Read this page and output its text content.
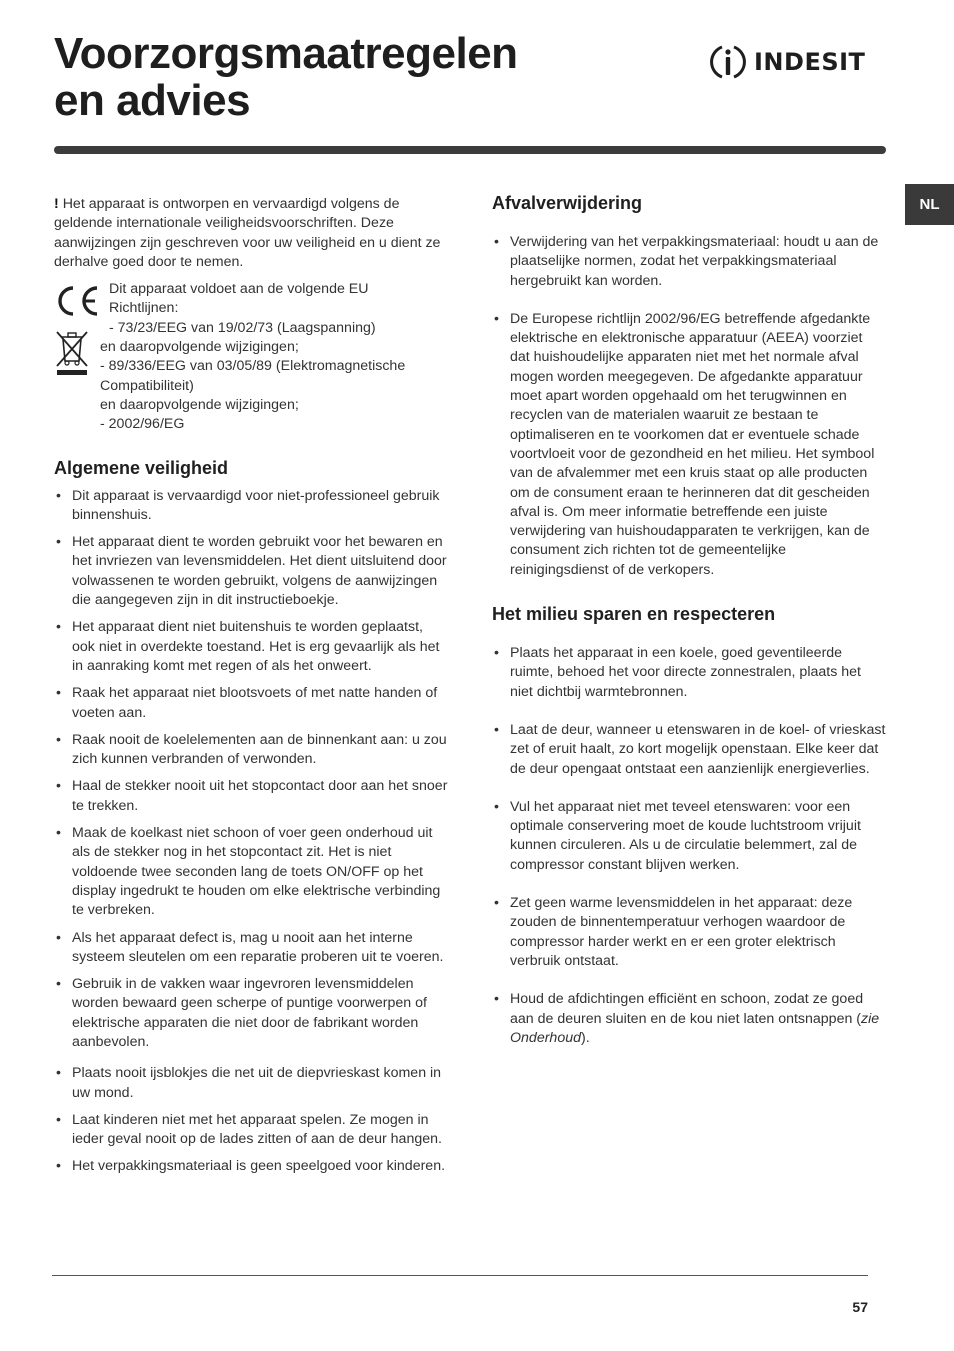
Voorzorgsmaatregelen
en advies
INDESIT
NL

! Het apparaat is ontworpen en vervaardigd volgens de geldende internationale veiligheidsvoorschriften. Deze aanwijzingen zijn geschreven voor uw veiligheid en u dient ze derhalve goed door te nemen.

Dit apparaat voldoet aan de volgende EU
Richtlijnen:
- 73/23/EEG van 19/02/73 (Laagspanning)
en daaropvolgende wijzigingen;
- 89/336/EEG van 03/05/89 (Elektromagnetische Compatibiliteit)
en daaropvolgende wijzigingen;
- 2002/96/EG
Algemene veiligheid
• Dit apparaat is vervaardigd voor niet-professioneel gebruik binnenshuis.
• Het apparaat dient te worden gebruikt voor het bewaren en het invriezen van levensmiddelen. Het dient uitsluitend door volwassenen te worden gebruikt, volgens de aanwijzingen die aangegeven zijn in dit instructieboekje.
• Het apparaat dient niet buitenshuis te worden geplaatst, ook niet in overdekte toestand. Het is erg gevaarlijk als het in aanraking komt met regen of als het onweert.
• Raak het apparaat niet blootsvoets of met natte handen of voeten aan.
• Raak nooit de koelelementen aan de binnenkant aan: u zou zich kunnen verbranden of verwonden.
• Haal de stekker nooit uit het stopcontact door aan het snoer te trekken.
• Maak de koelkast niet schoon of voer geen onderhoud uit als de stekker nog in het stopcontact zit. Het is niet voldoende twee seconden lang de toets ON/OFF op het display ingedrukt te houden om elke elektrische verbinding te verbreken.
• Als het apparaat defect is, mag u nooit aan het interne systeem sleutelen om een reparatie proberen uit te voeren.
• Gebruik in de vakken waar ingevroren levensmiddelen worden bewaard geen scherpe of puntige voorwerpen of elektrische apparaten die niet door de fabrikant worden aanbevolen.
• Plaats nooit ijsblokjes die net uit de diepvrieskast komen in uw mond.
• Laat kinderen niet met het apparaat spelen. Ze mogen in ieder geval nooit op de lades zitten of aan de deur hangen.
• Het verpakkingsmateriaal is geen speelgoed voor kinderen.
Afvalverwijdering
• Verwijdering van het verpakkingsmateriaal: houdt u aan de plaatselijke normen, zodat het verpakkingsmateriaal hergebruikt kan worden.
• De Europese richtlijn 2002/96/EG betreffende afgedankte elektrische en elektronische apparatuur (AEEA) voorziet dat huishoudelijke apparaten niet met het normale afval mogen worden meegegeven. De afgedankte apparatuur moet apart worden opgehaald om het terugwinnen en recyclen van de materialen waaruit ze bestaan te optimaliseren en te voorkomen dat er eventuele schade voortvloeit voor de gezondheid en het milieu. Het symbool van de afvalemmer met een kruis staat op alle producten om de consument eraan te herinneren dat dit gescheiden afval is. Om meer informatie betreffende een juiste verwijdering van huishoudapparaten te verkrijgen, kan de consument zich richten tot de gemeentelijke reinigingsdienst of de verkopers.
Het milieu sparen en respecteren
• Plaats het apparaat in een koele, goed geventileerde ruimte, behoed het voor directe zonnestralen, plaats het niet dichtbij warmtebronnen.
• Laat de deur, wanneer u etenswaren in de koel- of vrieskast zet of eruit haalt, zo kort mogelijk openstaan. Elke keer dat de deur opengaat ontstaat een aanzienlijk energieverlies.
• Vul het apparaat niet met teveel etenswaren: voor een optimale conservering moet de koude luchtstroom vrijuit kunnen circuleren. Als u de circulatie belemmert, zal de compressor constant blijven werken.
• Zet geen warme levensmiddelen in het apparaat: deze zouden de binnentemperatuur verhogen waardoor de compressor harder werkt en er een groter elektrisch verbruik ontstaat.
• Houd de afdichtingen efficiënt en schoon, zodat ze goed aan de deuren sluiten en de kou niet laten ontsnappen (zie Onderhoud).
57
